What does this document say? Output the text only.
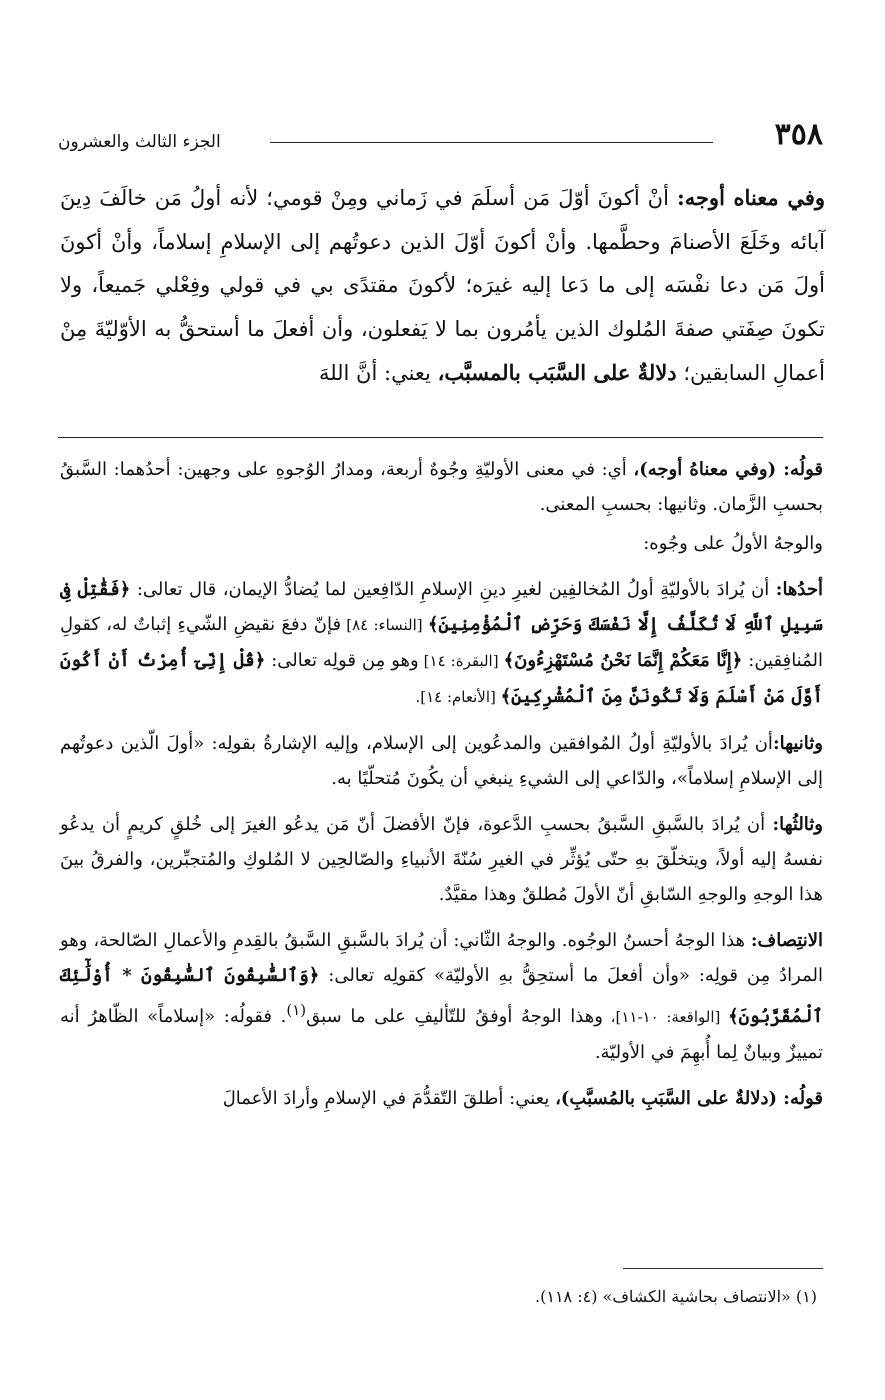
٣٥٨
الجزء الثالث والعشرون

وفي معناه أوجه: أنْ أكونَ أوّلَ مَن أسلَمَ في زَماني ومِنْ قومي؛ لأنه أولُ مَن خالَفَ دِينَ آبائه وخَلَعَ الأصنامَ وحطَّمها. وأنْ أكونَ أوّلَ الذين دعوتُهم إلى الإسلامِ إسلاماً، وأنْ أكونَ أولَ مَن دعا نفْسَه إلى ما دَعا إليه غيرَه؛ لأكونَ مقتدًى بي في قولي وفِعْلي جَميعاً، ولا تكونَ صِفَتي صفةَ المُلوك الذين يأمُرون بما لا يَفعلون، وأن أفعلَ ما أستحقُّ به الأوّليّةَ مِنْ أعمالِ السابقين؛ دلالةٌ على السَّبَب بالمسبَّب، يعني: أنَّ اللهَ

قولُه: (وفي معناهُ أوجه)، أي: في معنى الأوليّةِ وجُوهٌ أربعة، ومدارُ الوُجوهِ على وجهين: أحدُهما: السَّبقُ بحسبِ الزَّمان. وثانيها: بحسبِ المعنى.

والوجهُ الأولُ على وجُوه:

أحدُها: أن يُرادَ بالأوليّةِ أولُ المُخالفِين لغيرِ دينِ الإسلامِ الدّافِعين لما يُضادُّ الإيمان، قال تعالى: ﴿فَقَٰتِلْ فِى سَبِيلِ ٱللَّهِ لَا تُكَلَّفُ إِلَّا نَفْسَكَ وَحَرِّضِ ٱلْمُؤْمِنِينَ﴾ [النساء: ٨٤] فإنّ دفعَ نقيضِ الشّيءِ إثباتٌ له، كقولِ المُنافِقين: ﴿إِنَّا مَعَكُمْ إِنَّمَا نَحْنُ مُسْتَهْزِءُونَ﴾ [البقرة: ١٤] وهو مِن قولِه تعالى: ﴿قُلْ إِنِّىٓ أُمِرْتُ أَنْ أَكُونَ أَوَّلَ مَنْ أَسْلَمَ وَلَا تَكُونَنَّ مِنَ ٱلْمُشْرِكِينَ﴾ [الأنعام: ١٤].

وثانيها:أن يُرادَ بالأوليّةِ أولُ المُوافقين والمدعُوين إلى الإسلام، وإليه الإشارةُ بقولِه: «أولَ الّذين دعوتُهم إلى الإسلامِ إسلاماً»، والدّاعي إلى الشيءِ ينبغي أن يكُونَ مُتحلّيًا به.

وثالثُها: أن يُرادَ بالسَّبقِ السَّبقُ بحسبِ الدَّعوة، فإنّ الأفضلَ أنّ مَن يدعُو الغيرَ إلى خُلقٍ كريمٍ أن يدعُو نفسهُ إليه أولاً، ويتخلّقَ بهِ حتّى يُؤثِّر في الغيرِ سُنّةَ الأنبياءِ والصّالحِين لا المُلوكِ والمُتجبِّرين، والفرقُ بينَ هذا الوجهِ والوجهِ السّابقِ أنّ الأولَ مُطلقٌ وهذا مقيَّدٌ.

الانتِصاف: هذا الوجهُ أحسنُ الوجُوه. والوجهُ الثّاني: أن يُرادَ بالسَّبقِ السَّبقُ بالقِدمِ والأعمالِ الصّالحة، وهو المرادُ مِن قولِه: «وأن أفعلَ ما أستحِقُّ بهِ الأوليّة» كقولِه تعالى: ﴿وَٱلسَّٰبِقُونَ ٱلسَّٰبِقُونَ * أُوْلَٰٓئِكَ ٱلْمُقَرَّبُونَ﴾ [الواقعة: ١٠-١١]، وهذا الوجهُ أوفقُ للتّأليفِ على ما سبق$^{(١)}$. فقولُه: «إسلاماً» الظّاهرُ أنه تمييزٌ وبيانٌ لِما أُبهِمَ في الأوليّة.

قولُه: (دلالةٌ على السَّبَبِ بالمُسبَّبِ)، يعني: أطلقَ التّقدُّمَ في الإسلامِ وأرادَ الأعمالَ

(١) «الانتصاف بحاشية الكشاف» (٤: ١١٨).
